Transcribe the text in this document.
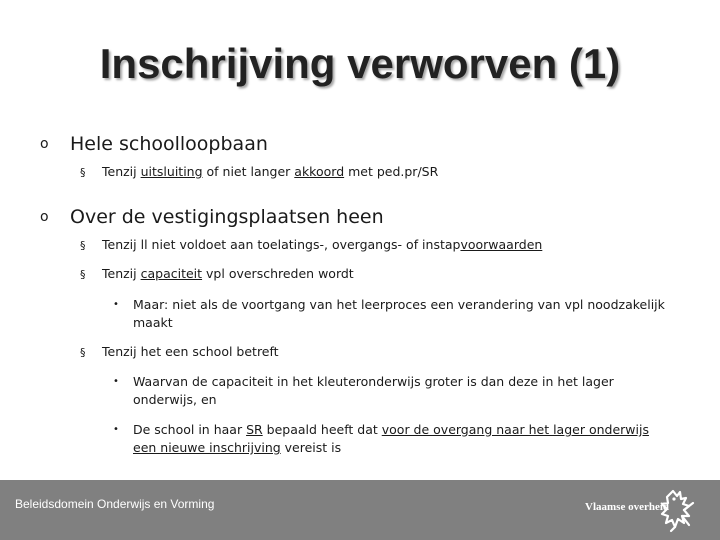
Inschrijving verworven (1)
o Hele schoolloopbaan
§ Tenzij uitsluiting of niet langer akkoord met ped.pr/SR
o Over de vestigingsplaatsen heen
§ Tenzij ll niet voldoet aan toelatings-, overgangs- of instapvoorwaarden
§ Tenzij capaciteit vpl overschreden wordt
•	Maar: niet als de voortgang van het leerproces een verandering van vpl noodzakelijk maakt
§ Tenzij het een school betreft
•	Waarvan de capaciteit in het kleuteronderwijs groter is dan deze in het lager onderwijs, en
•	De school in haar SR bepaald heeft dat voor de overgang naar het lager onderwijs een nieuwe inschrijving vereist is
Beleidsdomein Onderwijs en Vorming	Vlaamse overheid
